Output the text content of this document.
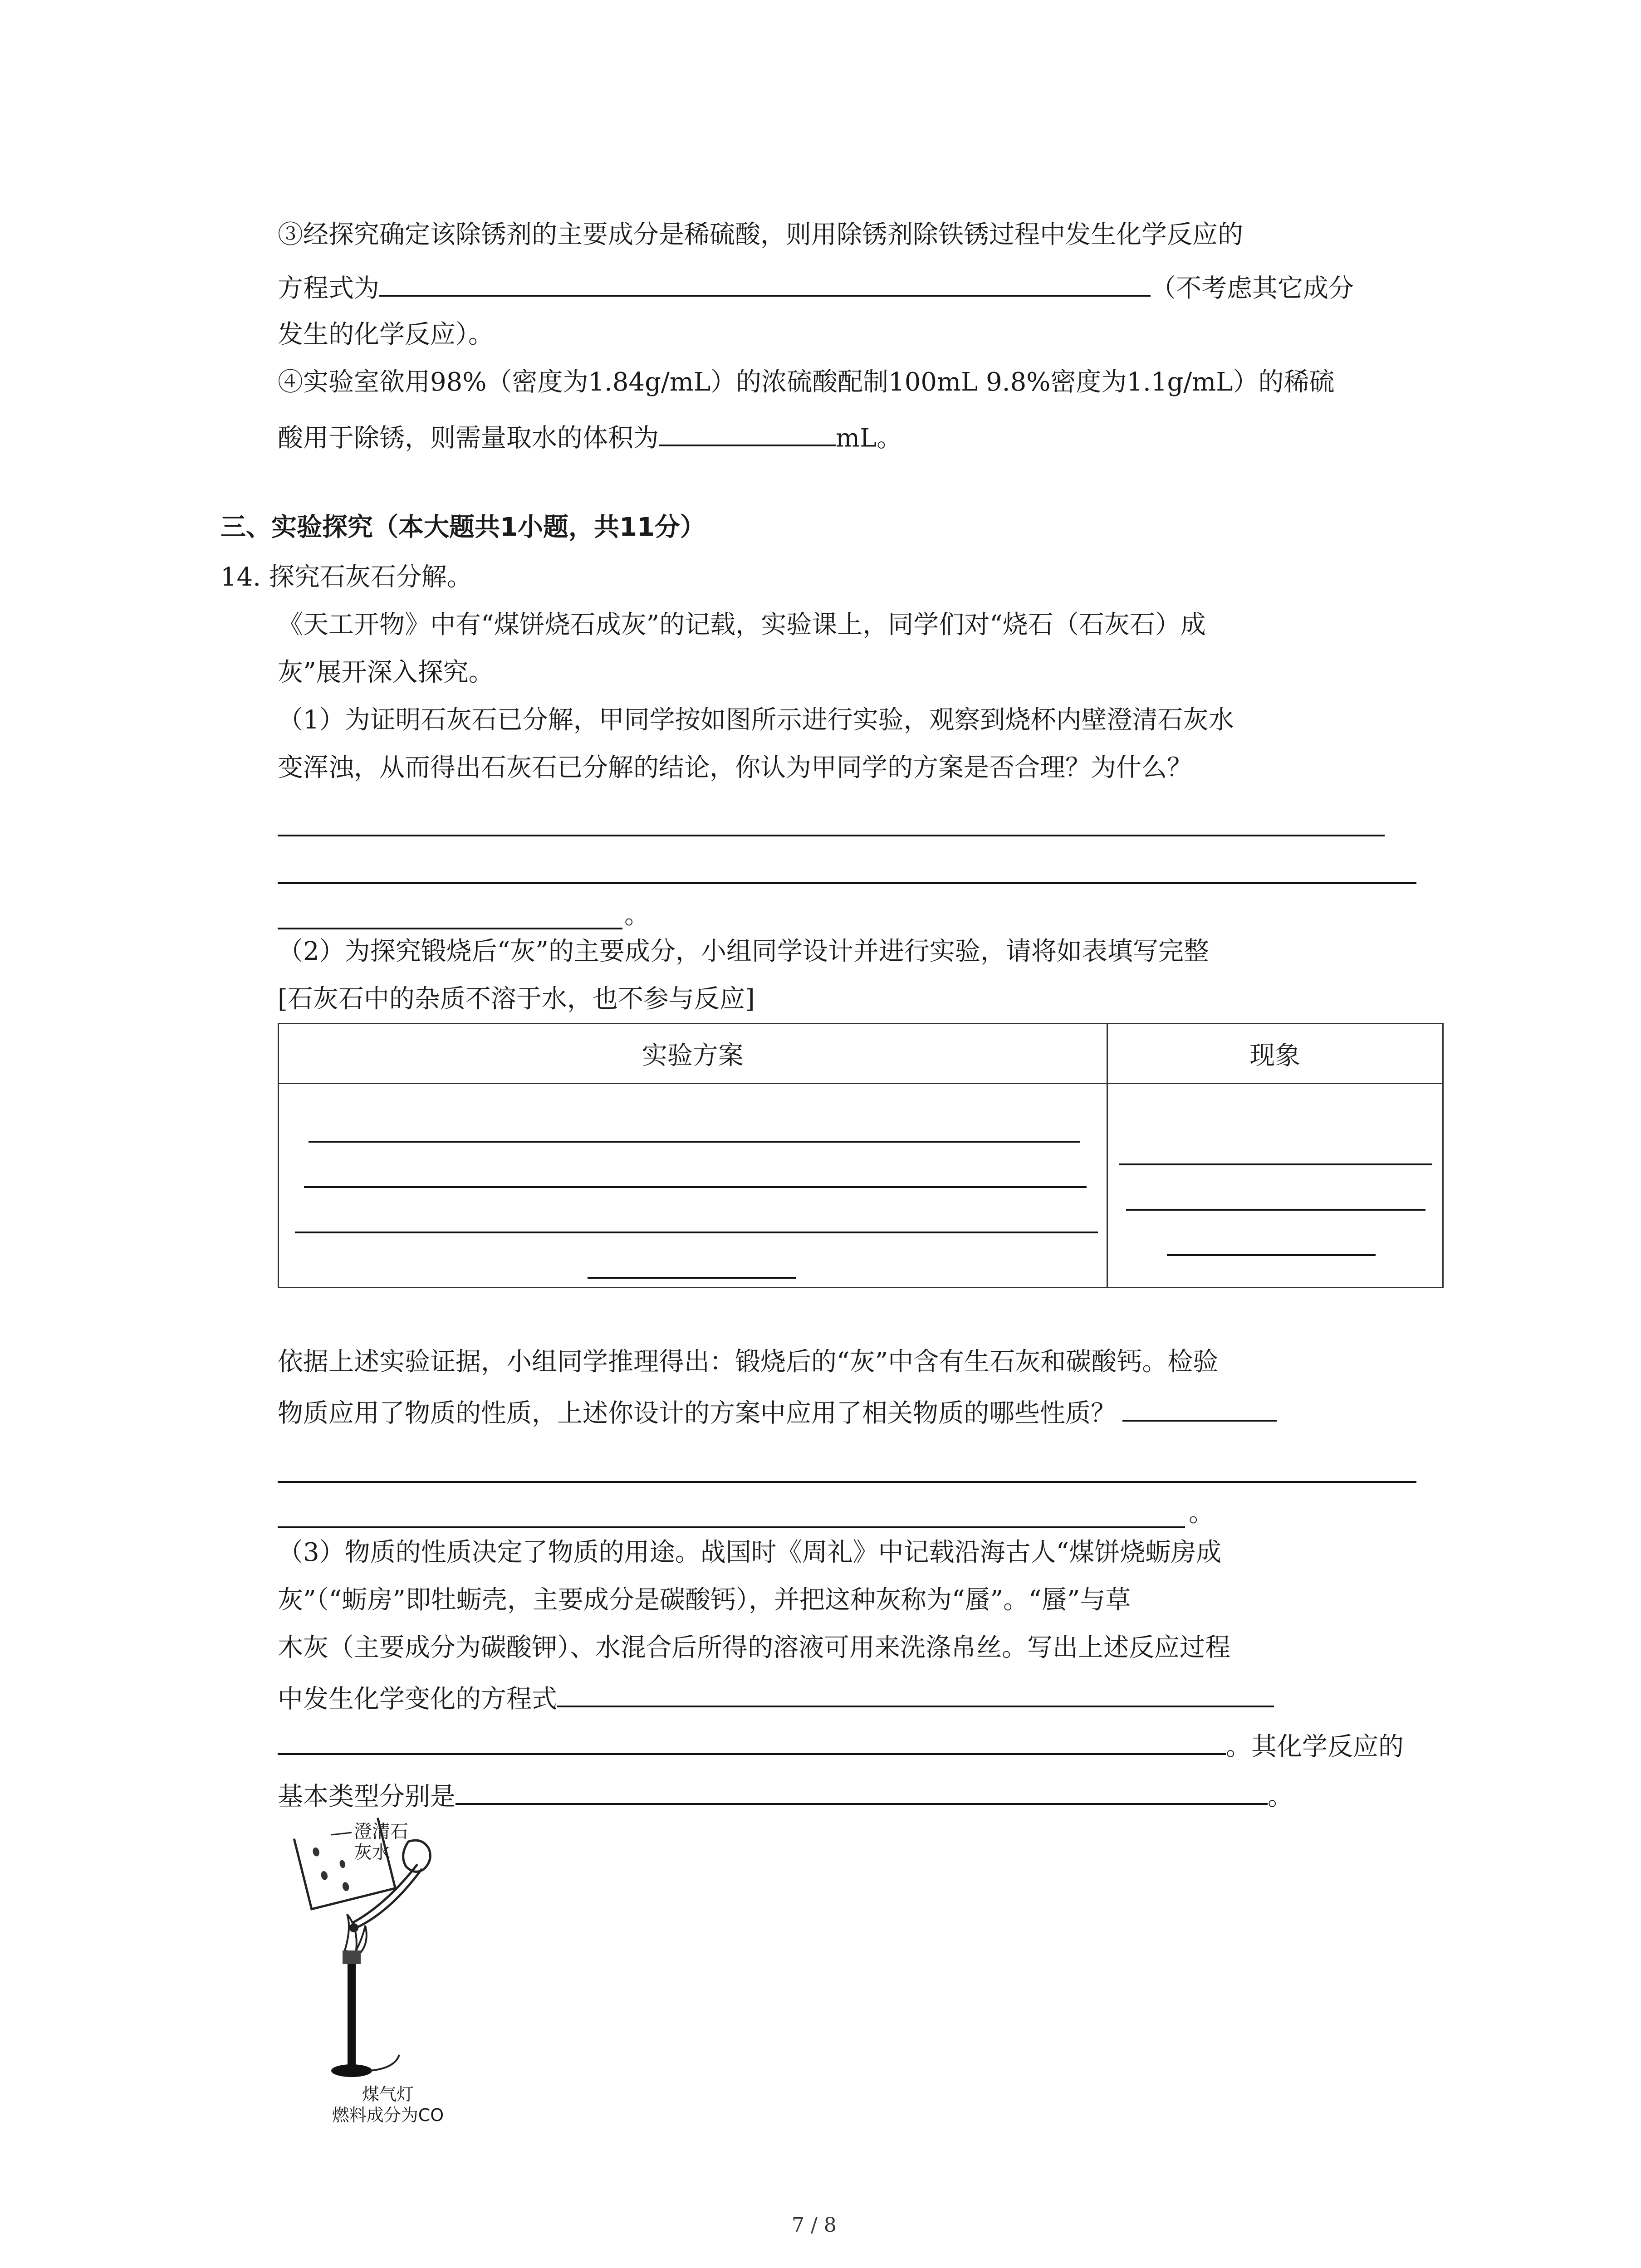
③经探究确定该除锈剂的主要成分是稀硫酸，则用除锈剂除铁锈过程中发生化学反应的
方程式为	（不考虑其它成分
发生的化学反应）。
④实验室欲用98%（密度为1.84g/mL）的浓硫酸配制100mL 9.8%密度为1.1g/mL）的稀硫
酸用于除锈，则需量取水的体积为	mL。
三、实验探究（本大题共1小题，共11分）
14. 探究石灰石分解。
《天工开物》中有“煤饼烧石成灰”的记载，实验课上，同学们对“烧石（石灰石）成
灰”展开深入探究。
（1）为证明石灰石已分解，甲同学按如图所示进行实验，观察到烧杯内壁澄清石灰水
变浑浊，从而得出石灰石已分解的结论，你认为甲同学的方案是否合理？为什么？
。
（2）为探究锻烧后“灰”的主要成分，小组同学设计并进行实验，请将如表填写完整
[石灰石中的杂质不溶于水，也不参与反应]
实验方案	现象

依据上述实验证据，小组同学推理得出：锻烧后的“灰”中含有生石灰和碳酸钙。检验
物质应用了物质的性质，上述你设计的方案中应用了相关物质的哪些性质？
。
（3）物质的性质决定了物质的用途。战国时《周礼》中记载沿海古人“煤饼烧蛎房成
灰”（“蛎房”即牡蛎壳，主要成分是碳酸钙），并把这种灰称为“蜃”。“蜃”与草
木灰（主要成分为碳酸钾）、水混合后所得的溶液可用来洗涤帛丝。写出上述反应过程
中发生化学变化的方程式
。其化学反应的
基本类型分别是	。
澄清石
灰水
煤气灯
燃料成分为CO
7 / 8
